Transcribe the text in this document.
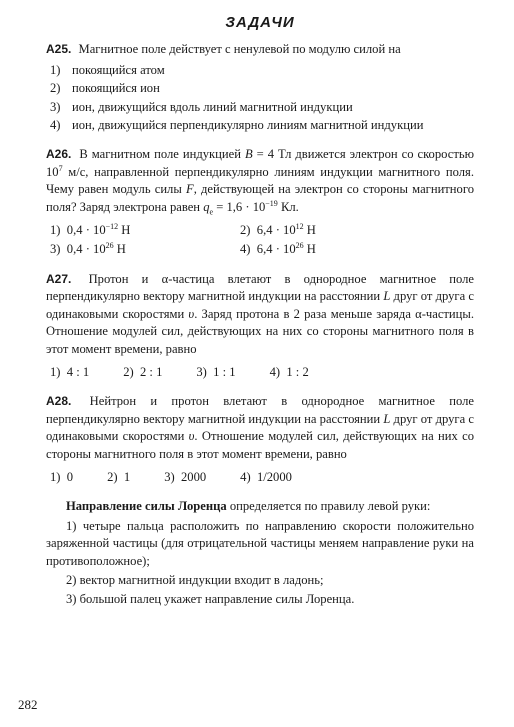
ЗАДАЧИ
А25. Магнитное поле действует с ненулевой по модулю силой на
1) покоящийся атом
2) покоящийся ион
3) ион, движущийся вдоль линий магнитной индукции
4) ион, движущийся перпендикулярно линиям магнитной индукции
А26. В магнитном поле индукцией B = 4 Тл движется электрон со скоростью $10^7$ м/с, направленной перпендикулярно линиям индукции магнитного поля. Чему равен модуль силы F, действующей на электрон со стороны магнитного поля? Заряд электрона равен $q_e = 1,6 \cdot 10^{-19}$ Кл.
1) $0,4 \cdot 10^{-12}$ Н	2) $6,4 \cdot 10^{12}$ Н
3) $0,4 \cdot 10^{26}$ Н	4) $6,4 \cdot 10^{26}$ Н
А27. Протон и α-частица влетают в однородное магнитное поле перпендикулярно вектору магнитной индукции на расстоянии L друг от друга с одинаковыми скоростями υ. Заряд протона в 2 раза меньше заряда α-частицы. Отношение модулей сил, действующих на них со стороны магнитного поля в этот момент времени, равно
1) 4 : 1	2) 2 : 1	3) 1 : 1	4) 1 : 2
А28. Нейтрон и протон влетают в однородное магнитное поле перпендикулярно вектору магнитной индукции на расстоянии L друг от друга с одинаковыми скоростями υ. Отношение модулей сил, действующих на них со стороны магнитного поля в этот момент времени, равно
1) 0	2) 1	3) 2000	4) 1/2000

Направление силы Лоренца определяется по правилу левой руки:

1) четыре пальца расположить по направлению скорости положительно заряженной частицы (для отрицательной частицы меняем направление руки на противоположное);

2) вектор магнитной индукции входит в ладонь;

3) большой палец укажет направление силы Лоренца.

282
